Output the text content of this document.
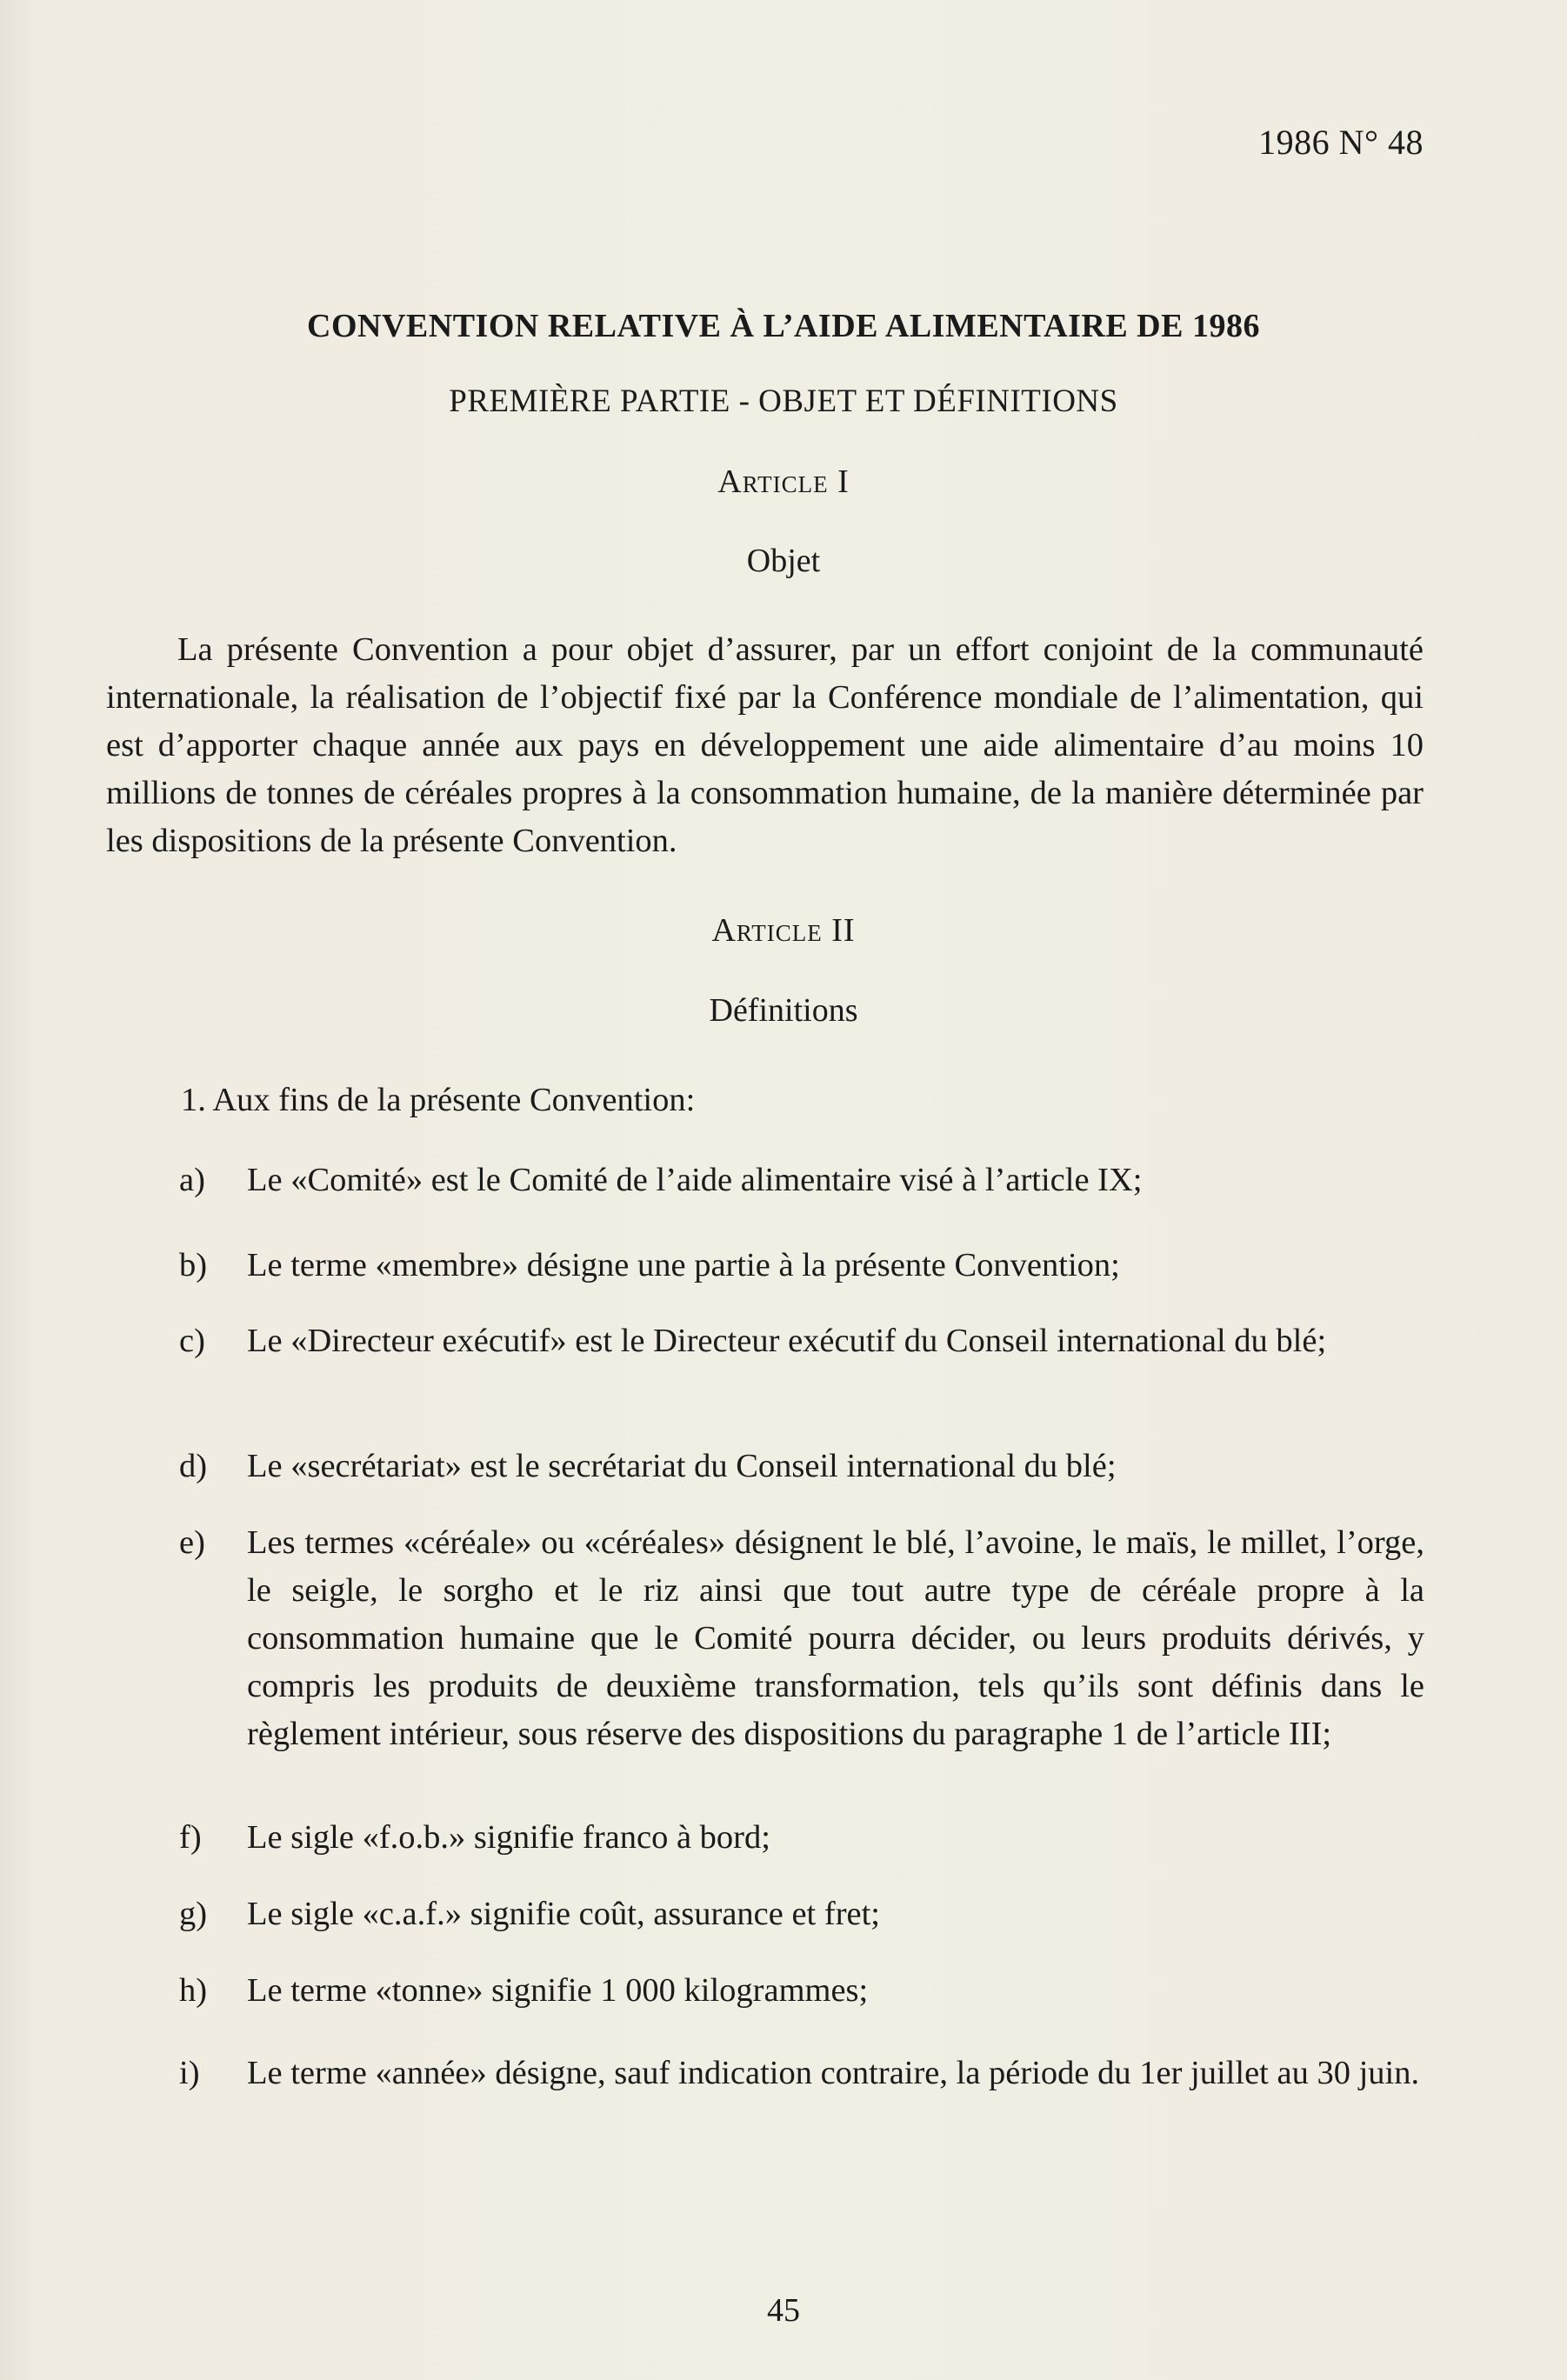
1986 N° 48
CONVENTION RELATIVE À L’AIDE ALIMENTAIRE DE 1986
PREMIÈRE PARTIE - OBJET ET DÉFINITIONS
Article I
Objet

La présente Convention a pour objet d’assurer, par un effort conjoint de la communauté internationale, la réalisation de l’objectif fixé par la Conférence mondiale de l’alimentation, qui est d’apporter chaque année aux pays en développement une aide alimentaire d’au moins 10 millions de tonnes de céréales propres à la consommation humaine, de la manière déterminée par les dispositions de la présente Convention.

Article II
Définitions
1. Aux fins de la présente Convention:
a)	Le «Comité» est le Comité de l’aide alimentaire visé à l’article IX;
b)	Le terme «membre» désigne une partie à la présente Convention;
c)	Le «Directeur exécutif» est le Directeur exécutif du Conseil international du blé;
d)	Le «secrétariat» est le secrétariat du Conseil international du blé;
e)	Les termes «céréale» ou «céréales» désignent le blé, l’avoine, le maïs, le millet, l’orge, le seigle, le sorgho et le riz ainsi que tout autre type de céréale propre à la consommation humaine que le Comité pourra décider, ou leurs produits dérivés, y compris les produits de deuxième transformation, tels qu’ils sont définis dans le règlement intérieur, sous réserve des dispositions du paragraphe 1 de l’article III;
f)	Le sigle «f.o.b.» signifie franco à bord;
g)	Le sigle «c.a.f.» signifie coût, assurance et fret;
h)	Le terme «tonne» signifie 1 000 kilogrammes;
i)	Le terme «année» désigne, sauf indication contraire, la période du 1er juillet au 30 juin.
45
